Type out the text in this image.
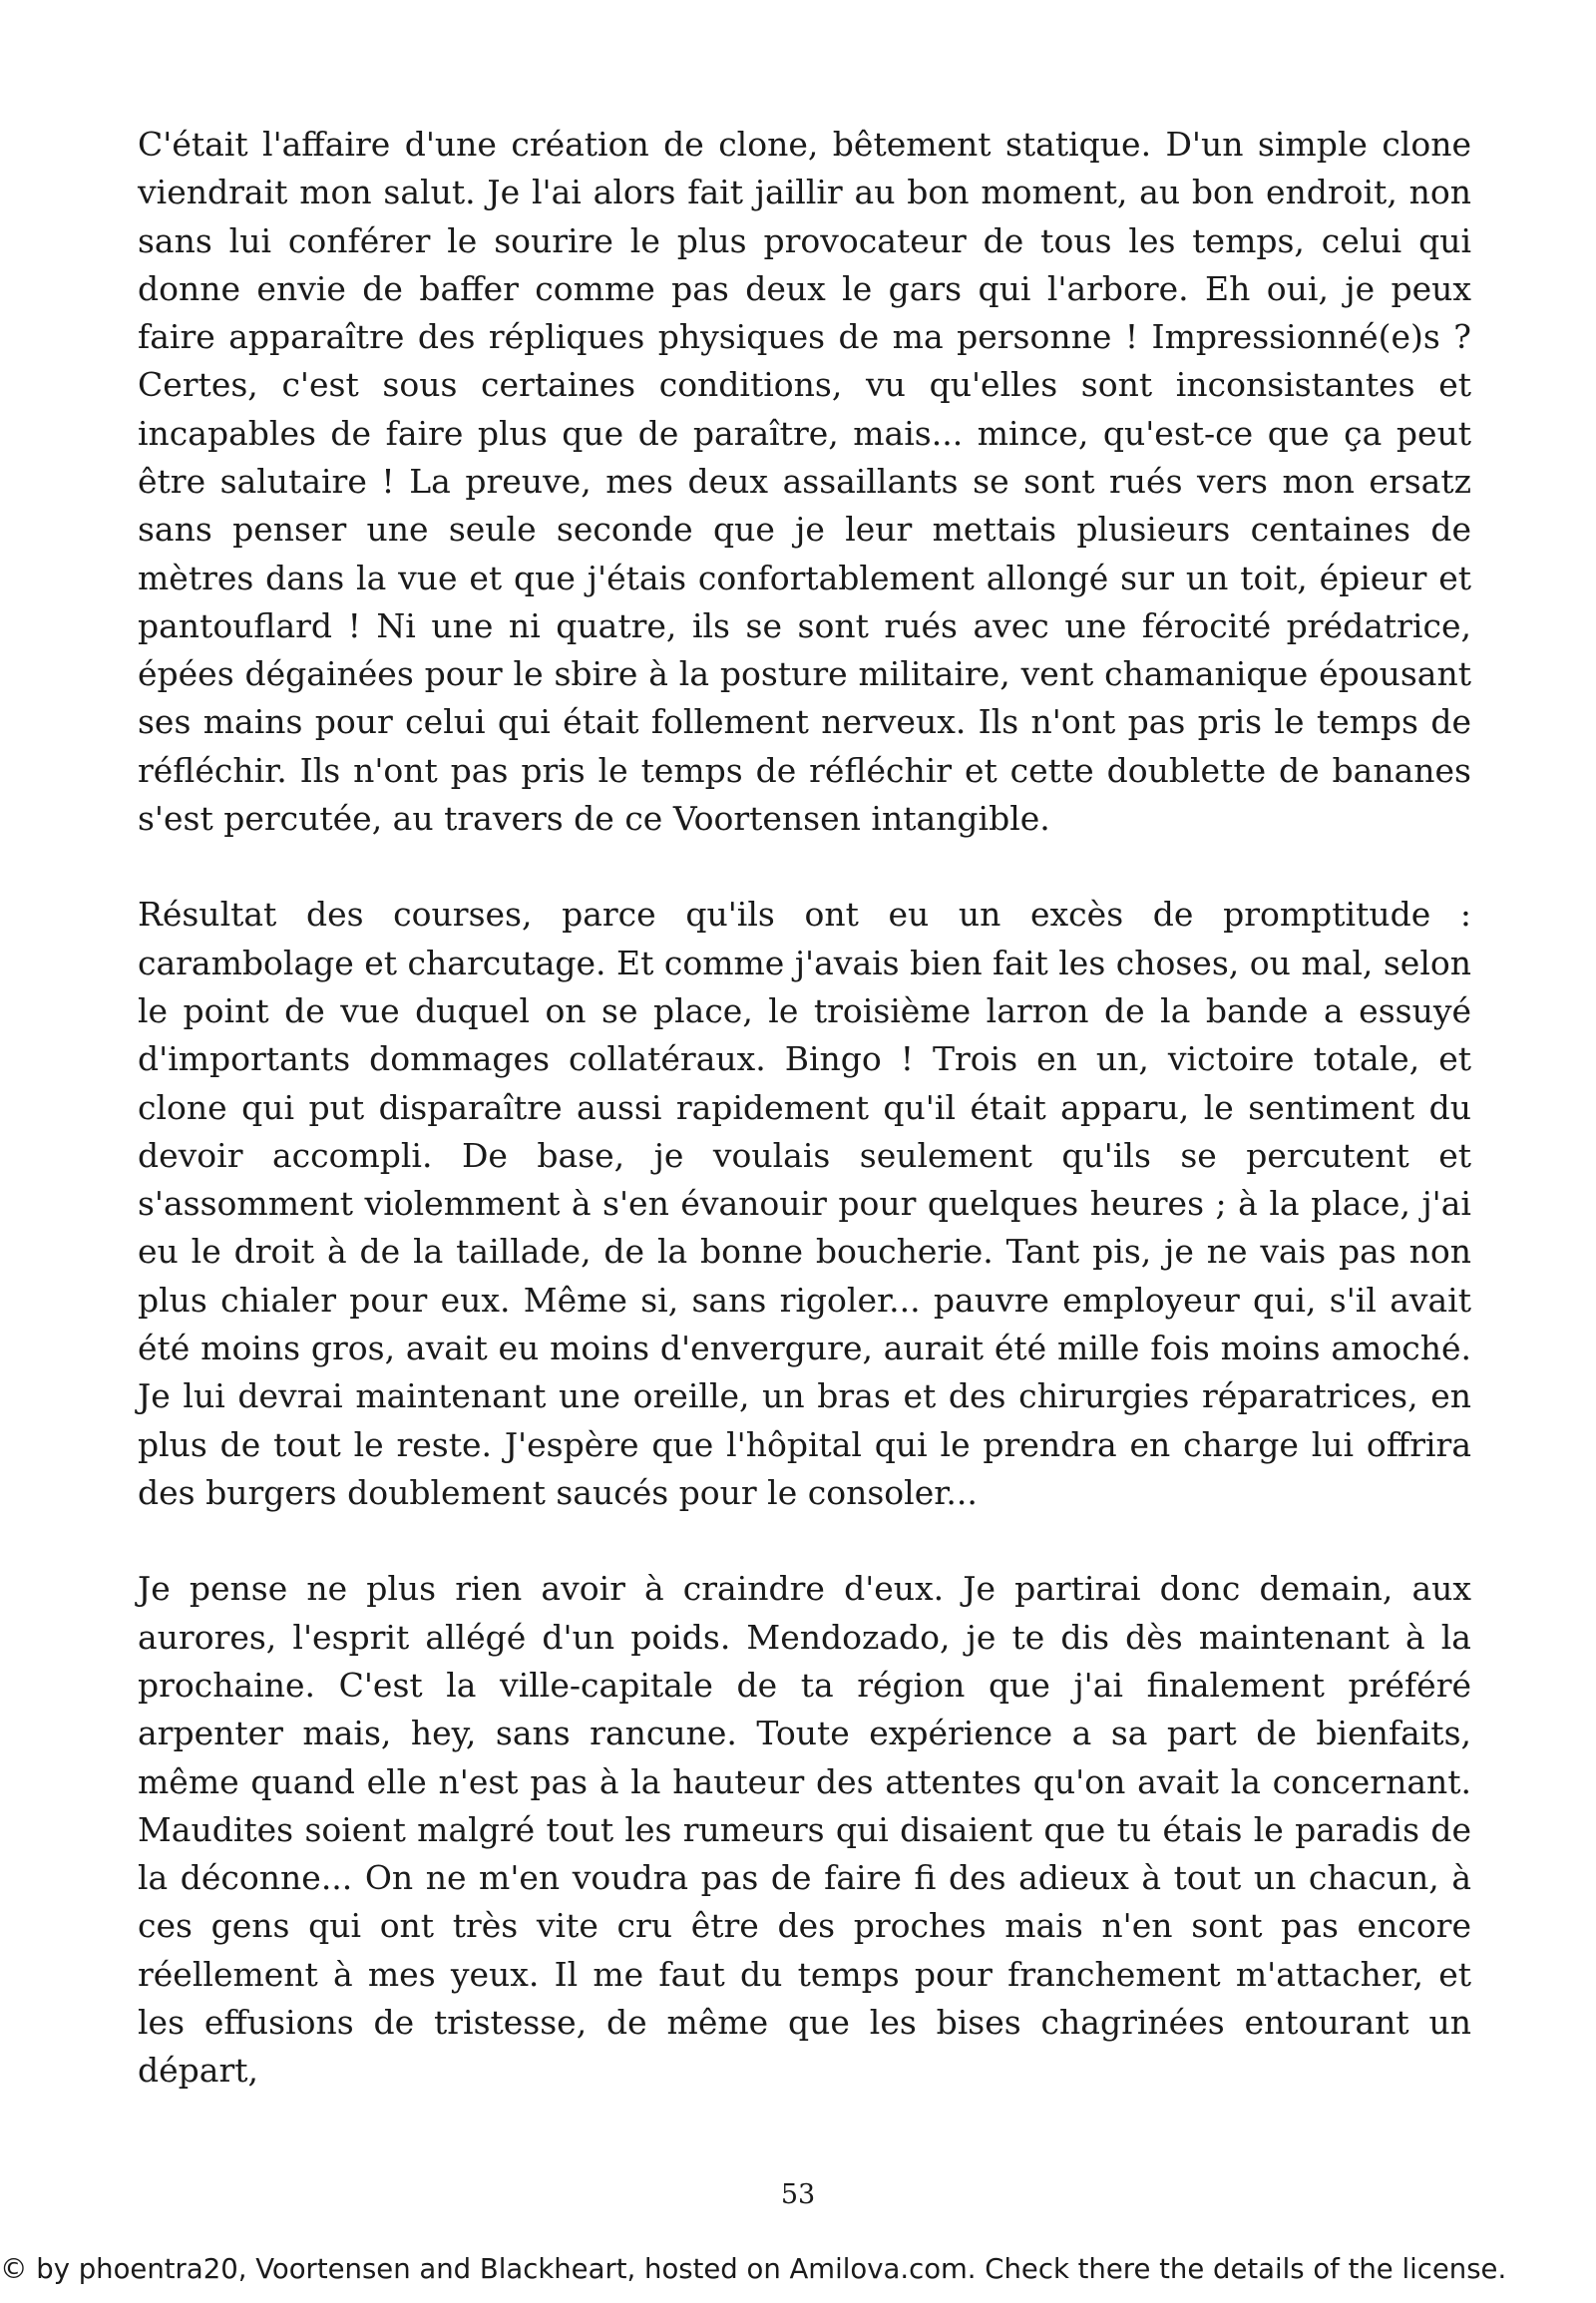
C'était l'affaire d'une création de clone, bêtement statique. D'un simple clone viendrait mon salut. Je l'ai alors fait jaillir au bon moment, au bon endroit, non sans lui conférer le sourire le plus provocateur de tous les temps, celui qui donne envie de baffer comme pas deux le gars qui l'arbore. Eh oui, je peux faire apparaître des répliques physiques de ma personne ! Impressionné(e)s ? Certes, c'est sous certaines conditions, vu qu'elles sont inconsistantes et incapables de faire plus que de paraître, mais... mince, qu'est-ce que ça peut être salutaire ! La preuve, mes deux assaillants se sont rués vers mon ersatz sans penser une seule seconde que je leur mettais plusieurs centaines de mètres dans la vue et que j'étais confortablement allongé sur un toit, épieur et pantouflard ! Ni une ni quatre, ils se sont rués avec une férocité prédatrice, épées dégainées pour le sbire à la posture militaire, vent chamanique épousant ses mains pour celui qui était follement nerveux. Ils n'ont pas pris le temps de réfléchir. Ils n'ont pas pris le temps de réfléchir et cette doublette de bananes s'est percutée, au travers de ce Voortensen intangible.

Résultat des courses, parce qu'ils ont eu un excès de promptitude : carambolage et charcutage. Et comme j'avais bien fait les choses, ou mal, selon le point de vue duquel on se place, le troisième larron de la bande a essuyé d'importants dommages collatéraux. Bingo ! Trois en un, victoire totale, et clone qui put disparaître aussi rapidement qu'il était apparu, le sentiment du devoir accompli. De base, je voulais seulement qu'ils se percutent et s'assomment violemment à s'en évanouir pour quelques heures ; à la place, j'ai eu le droit à de la taillade, de la bonne boucherie. Tant pis, je ne vais pas non plus chialer pour eux. Même si, sans rigoler... pauvre employeur qui, s'il avait été moins gros, avait eu moins d'envergure, aurait été mille fois moins amoché. Je lui devrai maintenant une oreille, un bras et des chirurgies réparatrices, en plus de tout le reste. J'espère que l'hôpital qui le prendra en charge lui offrira des burgers doublement saucés pour le consoler...

Je pense ne plus rien avoir à craindre d'eux. Je partirai donc demain, aux aurores, l'esprit allégé d'un poids. Mendozado, je te dis dès maintenant à la prochaine. C'est la ville-capitale de ta région que j'ai finalement préféré arpenter mais, hey, sans rancune. Toute expérience a sa part de bienfaits, même quand elle n'est pas à la hauteur des attentes qu'on avait la concernant. Maudites soient malgré tout les rumeurs qui disaient que tu étais le paradis de la déconne... On ne m'en voudra pas de faire fi des adieux à tout un chacun, à ces gens qui ont très vite cru être des proches mais n'en sont pas encore réellement à mes yeux. Il me faut du temps pour franchement m'attacher, et les effusions de tristesse, de même que les bises chagrinées entourant un départ,

53
© by phoentra20, Voortensen and Blackheart, hosted on Amilova.com. Check there the details of the license.
